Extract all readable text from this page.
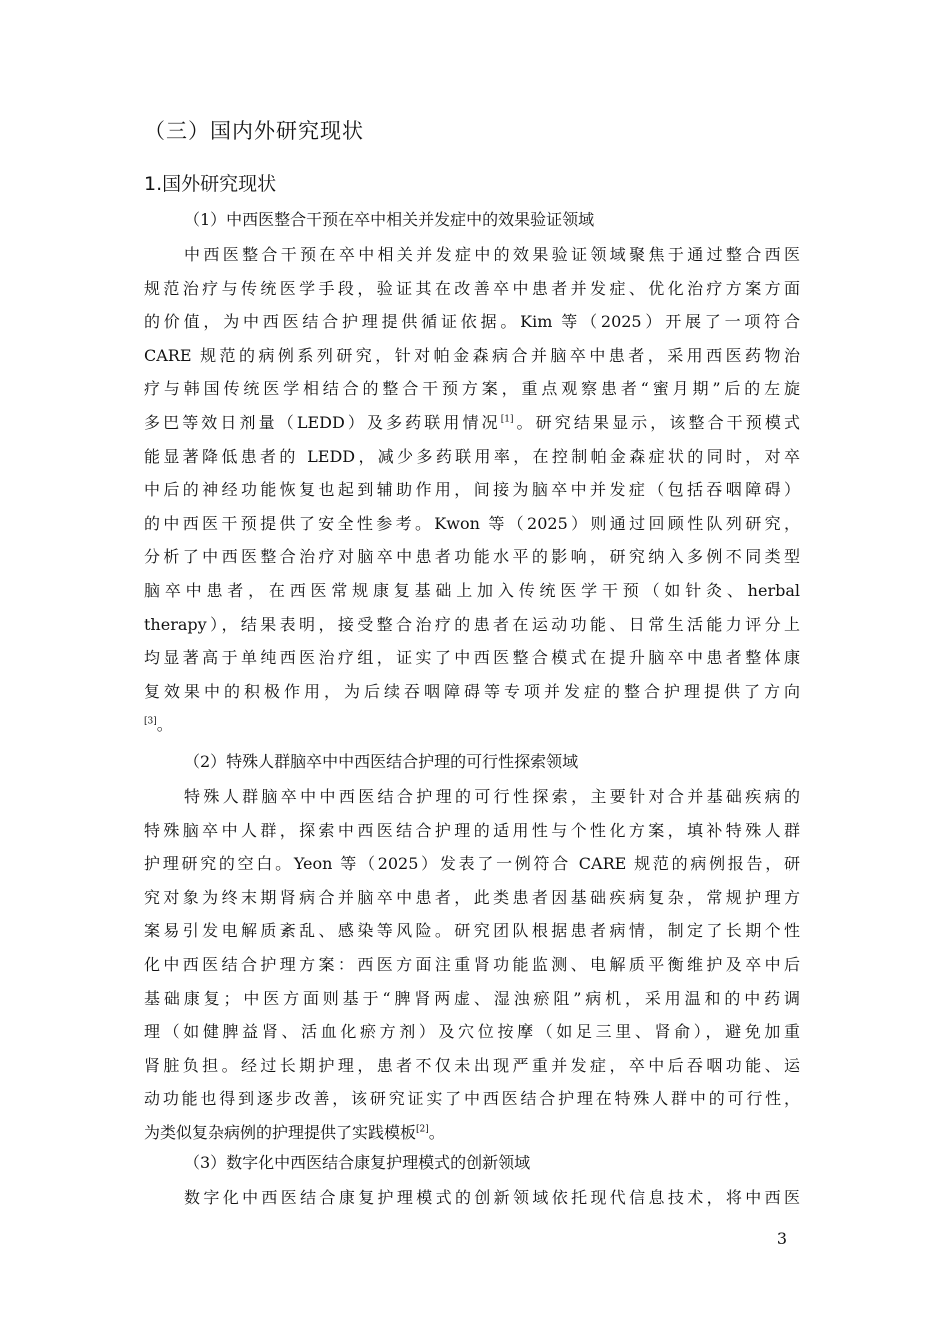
（三）国内外研究现状
1.国外研究现状

（1）中西医整合干预在卒中相关并发症中的效果验证领域

中西医整合干预在卒中相关并发症中的效果验证领域聚焦于通过整合西医
规范治疗与传统医学手段，验证其在改善卒中患者并发症、优化治疗方案方面
的价值，为中西医结合护理提供循证依据。Kim 等（2025）开展了一项符合
CARE 规范的病例系列研究，针对帕金森病合并脑卒中患者，采用西医药物治
疗与韩国传统医学相结合的整合干预方案，重点观察患者“蜜月期”后的左旋
多巴等效日剂量（LEDD）及多药联用情况[1]。研究结果显示，该整合干预模式
能显著降低患者的 LEDD，减少多药联用率，在控制帕金森症状的同时，对卒
中后的神经功能恢复也起到辅助作用，间接为脑卒中并发症（包括吞咽障碍）
的中西医干预提供了安全性参考。Kwon 等（2025）则通过回顾性队列研究，
分析了中西医整合治疗对脑卒中患者功能水平的影响，研究纳入多例不同类型
脑卒中患者，在西医常规康复基础上加入传统医学干预（如针灸、herbal
therapy），结果表明，接受整合治疗的患者在运动功能、日常生活能力评分上
均显著高于单纯西医治疗组，证实了中西医整合模式在提升脑卒中患者整体康
复效果中的积极作用，为后续吞咽障碍等专项并发症的整合护理提供了方向
[3]。

（2）特殊人群脑卒中中西医结合护理的可行性探索领域

特殊人群脑卒中中西医结合护理的可行性探索，主要针对合并基础疾病的
特殊脑卒中人群，探索中西医结合护理的适用性与个性化方案，填补特殊人群
护理研究的空白。Yeon 等（2025）发表了一例符合 CARE 规范的病例报告，研
究对象为终末期肾病合并脑卒中患者，此类患者因基础疾病复杂，常规护理方
案易引发电解质紊乱、感染等风险。研究团队根据患者病情，制定了长期个性
化中西医结合护理方案：西医方面注重肾功能监测、电解质平衡维护及卒中后
基础康复；中医方面则基于“脾肾两虚、湿浊瘀阻”病机，采用温和的中药调
理（如健脾益肾、活血化瘀方剂）及穴位按摩（如足三里、肾俞），避免加重
肾脏负担。经过长期护理，患者不仅未出现严重并发症，卒中后吞咽功能、运
动功能也得到逐步改善，该研究证实了中西医结合护理在特殊人群中的可行性，
为类似复杂病例的护理提供了实践模板[2]。

（3）数字化中西医结合康复护理模式的创新领域

数字化中西医结合康复护理模式的创新领域依托现代信息技术，将中西医
3
